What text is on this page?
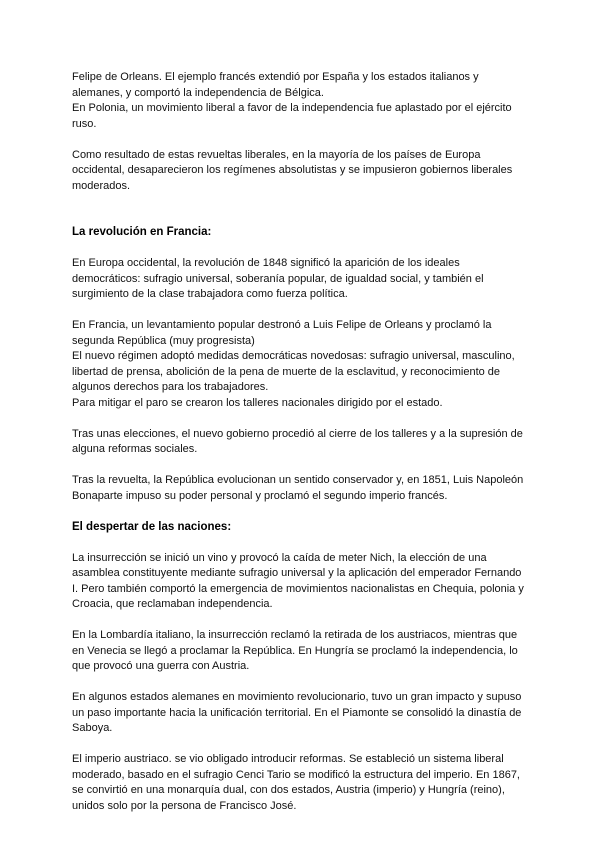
Felipe de Orleans. El ejemplo francés extendió por España y los estados italianos y alemanes, y comportó la independencia de Bélgica.

En Polonia, un movimiento liberal a favor de la independencia fue aplastado por el ejército ruso.

Como resultado de estas revueltas liberales, en la mayoría de los países de Europa occidental, desaparecieron los regímenes absolutistas y se impusieron gobiernos liberales moderados.

La revolución en Francia:

En Europa occidental, la revolución de 1848 significó la aparición de los ideales democráticos: sufragio universal, soberanía popular, de igualdad social, y también el surgimiento de la clase trabajadora como fuerza política.

En Francia, un levantamiento popular destronó a Luis Felipe de Orleans y proclamó la segunda República (muy progresista)

El nuevo régimen adoptó medidas democráticas novedosas: sufragio universal, masculino, libertad de prensa, abolición de la pena de muerte de la esclavitud, y reconocimiento de algunos derechos para los trabajadores.

Para mitigar el paro se crearon los talleres nacionales dirigido por el estado.

Tras unas elecciones, el nuevo gobierno procedió al cierre de los talleres y a la supresión de alguna reformas sociales.

Tras la revuelta, la República evolucionan un sentido conservador y, en 1851, Luis Napoleón Bonaparte impuso su poder personal y proclamó el segundo imperio francés.

El despertar de las naciones:

La insurrección se inició un vino y provocó la caída de meter Nich, la elección de una asamblea constituyente mediante sufragio universal y la aplicación del emperador Fernando I. Pero también comportó la emergencia de movimientos nacionalistas en Chequia, polonia y Croacia, que reclamaban independencia.

En la Lombardía italiano, la insurrección reclamó la retirada de los austriacos, mientras que en Venecia se llegó a proclamar la República. En Hungría se proclamó la independencia, lo que provocó una guerra con Austria.

En algunos estados alemanes en movimiento revolucionario, tuvo un gran impacto y supuso un paso importante hacia la unificación territorial. En el Piamonte se consolidó la dinastía de Saboya.

El imperio austriaco. se vio obligado introducir reformas. Se estableció un sistema liberal moderado, basado en el sufragio Cenci Tario se modificó la estructura del imperio. En 1867, se convirtió en una monarquía dual, con dos estados, Austria (imperio) y Hungría (reino), unidos solo por la persona de Francisco José.
